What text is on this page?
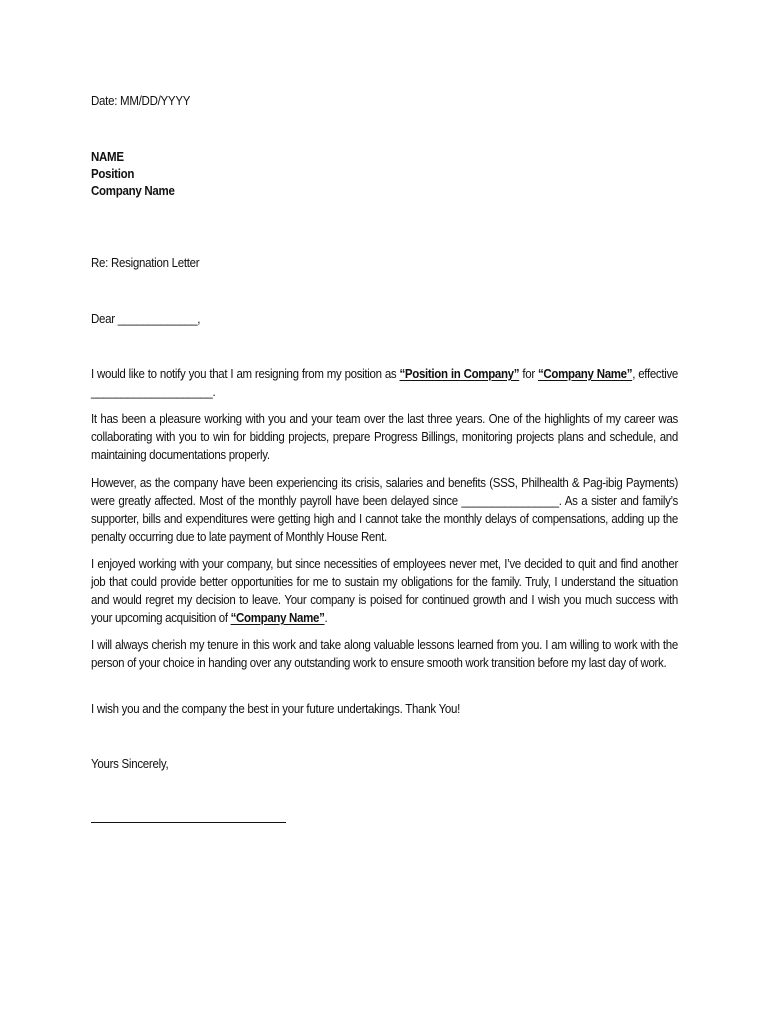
Date: MM/DD/YYYY
NAME
Position
Company Name
Re: Resignation Letter
Dear _____________,
I would like to notify you that I am resigning from my position as “Position in Company” for “Company Name”, effective ____________________.
It has been a pleasure working with you and your team over the last three years. One of the highlights of my career was collaborating with you to win for bidding projects, prepare Progress Billings, monitoring projects plans and schedule, and maintaining documentations properly.
However, as the company have been experiencing its crisis, salaries and benefits (SSS, Philhealth & Pag-ibig Payments) were greatly affected. Most of the monthly payroll have been delayed since ________________. As a sister and family’s supporter, bills and expenditures were getting high and I cannot take the monthly delays of compensations, adding up the penalty occurring due to late payment of Monthly House Rent.
I enjoyed working with your company, but since necessities of employees never met, I’ve decided to quit and find another job that could provide better opportunities for me to sustain my obligations for the family. Truly, I understand the situation and would regret my decision to leave. Your company is poised for continued growth and I wish you much success with your upcoming acquisition of “Company Name”.
I will always cherish my tenure in this work and take along valuable lessons learned from you. I am willing to work with the person of your choice in handing over any outstanding work to ensure smooth work transition before my last day of work.
I wish you and the company the best in your future undertakings. Thank You!
Yours Sincerely,
